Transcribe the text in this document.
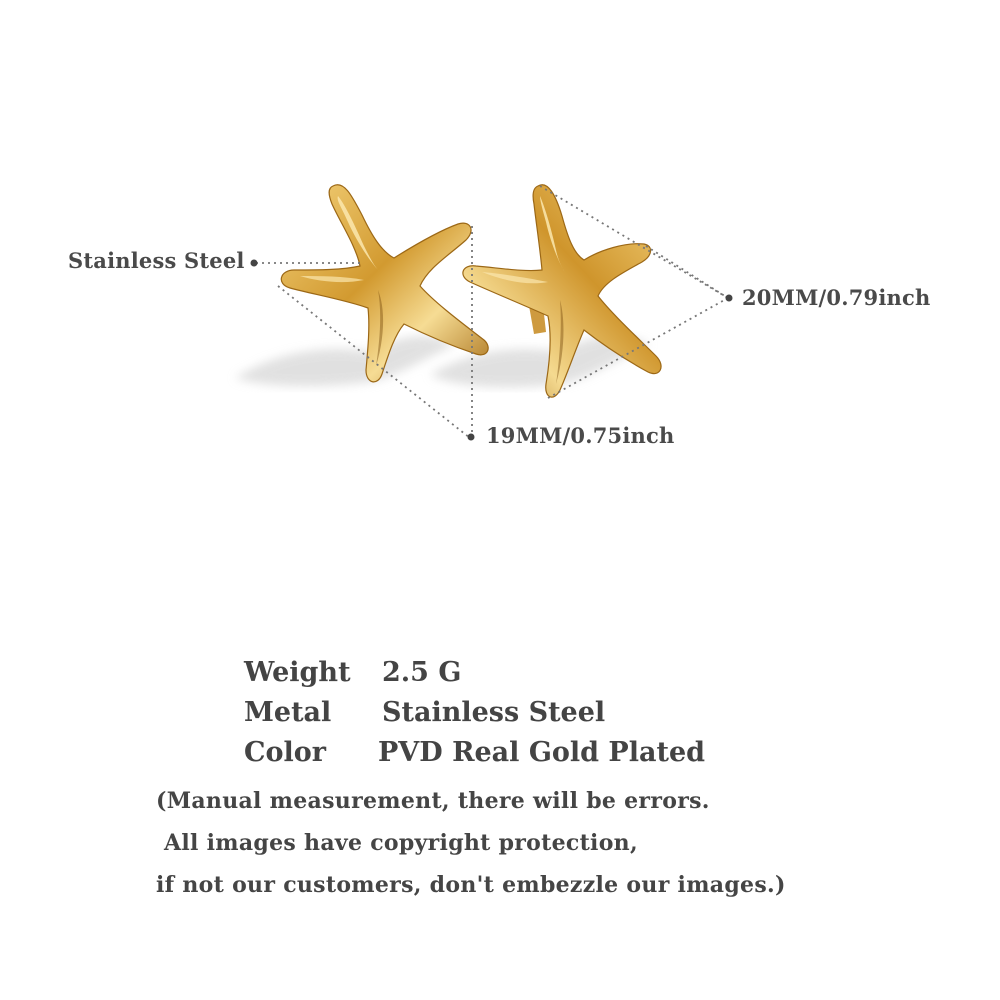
Stainless Steel
20MM/0.79inch
19MM/0.75inch
Weight 2.5 G
Metal Stainless Steel
Color PVD Real Gold Plated
(Manual measurement, there will be errors.
All images have copyright protection,
if not our customers, don't embezzle our images.)
